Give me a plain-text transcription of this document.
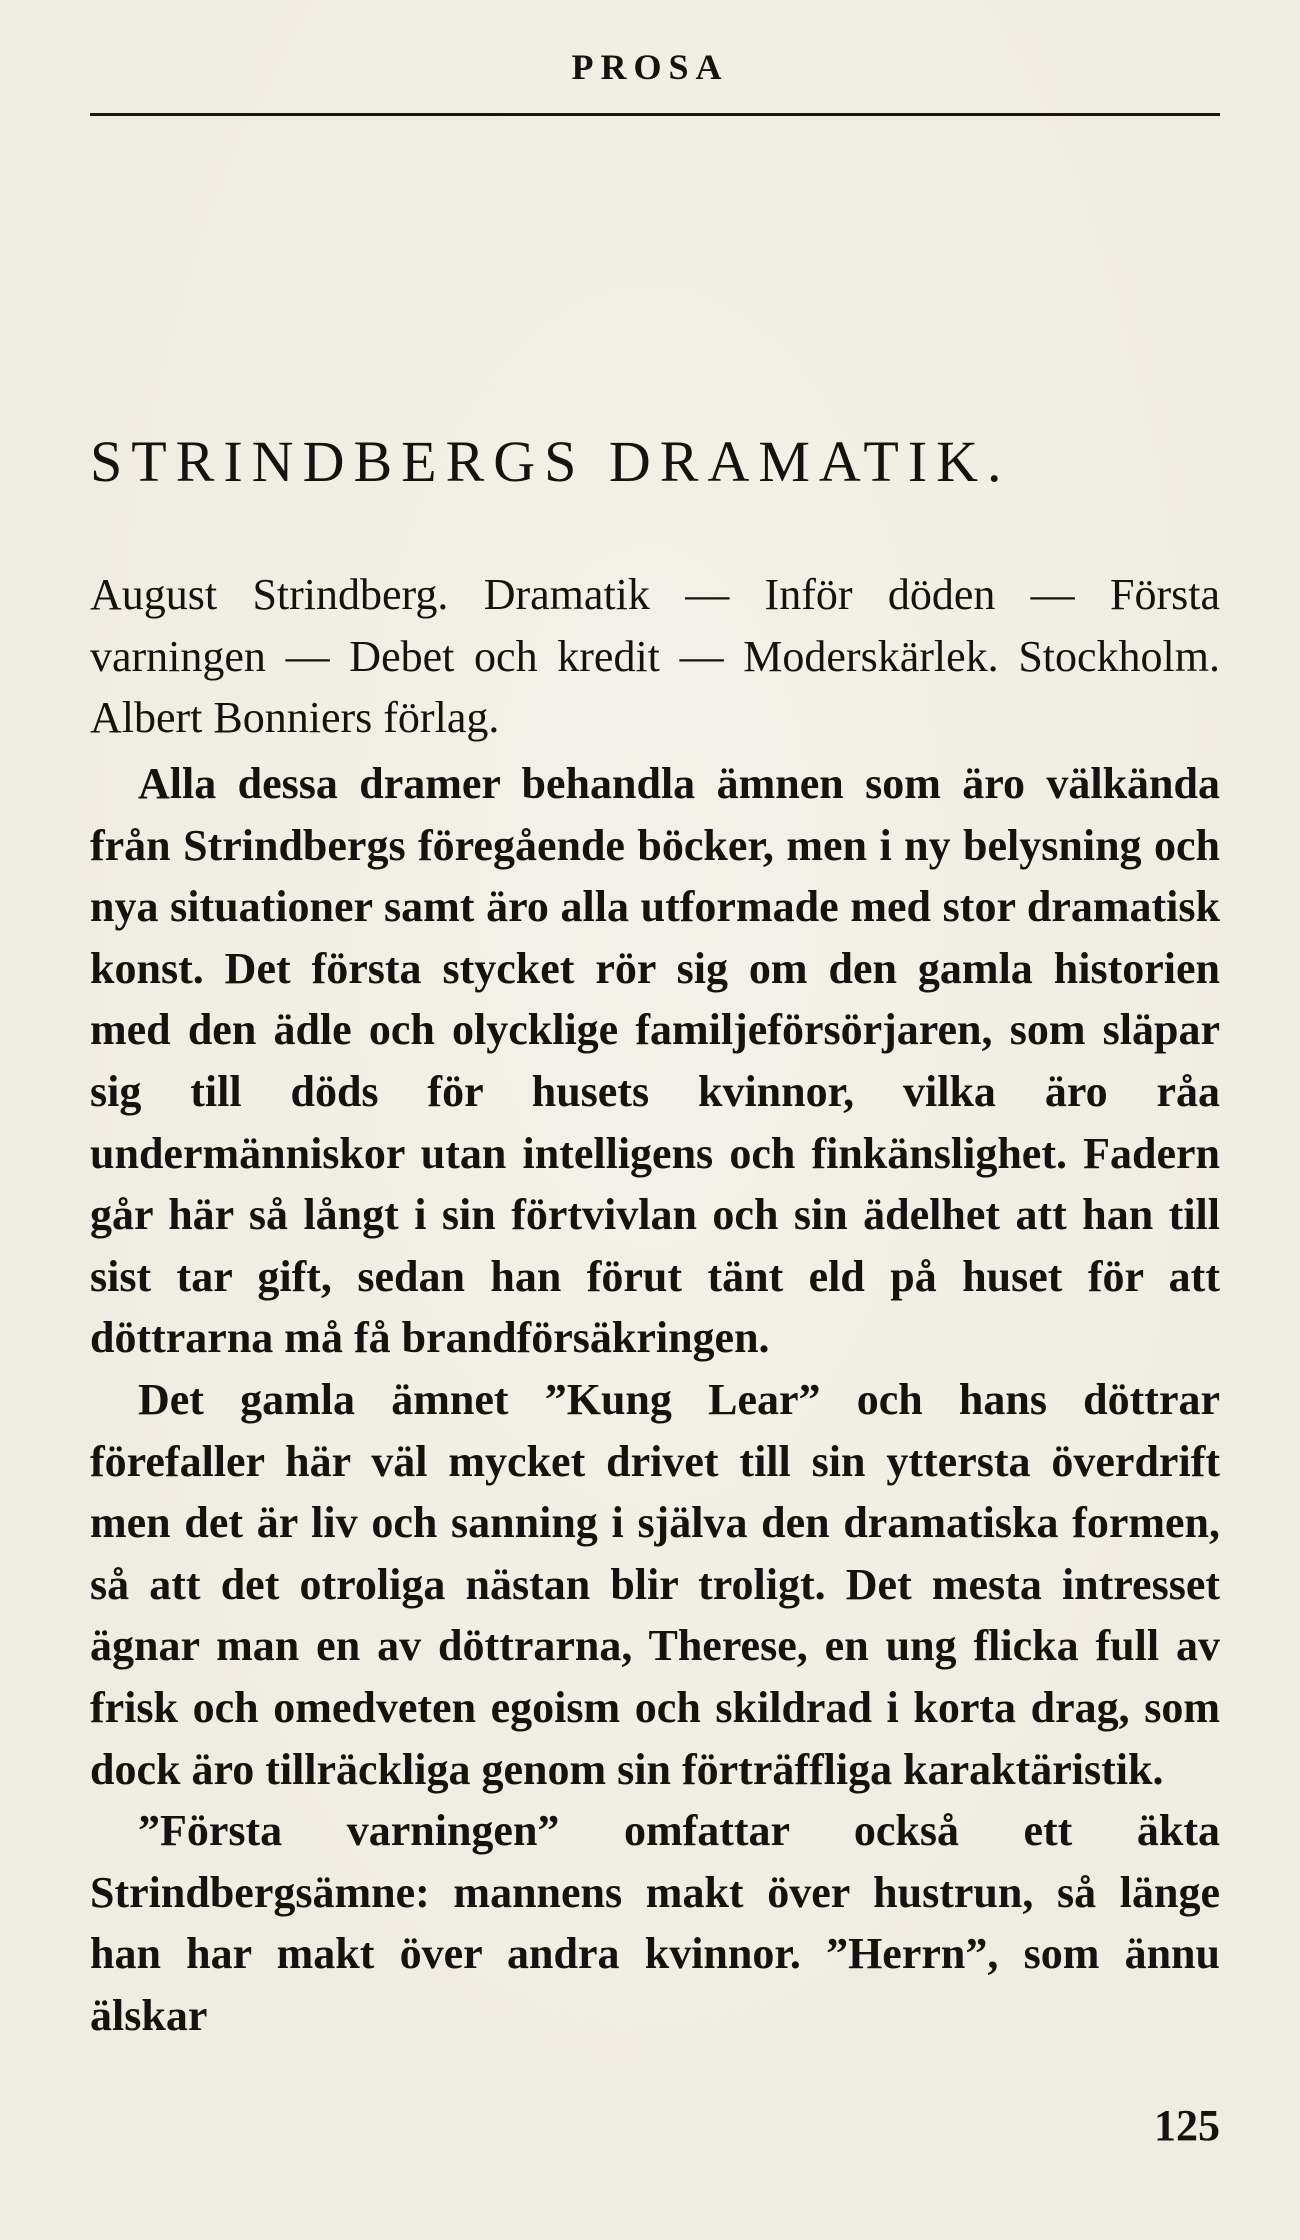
PROSA
STRINDBERGS DRAMATIK.

August Strindberg. Dramatik — Inför döden — Första varningen — Debet och kredit — Moderskärlek. Stockholm. Albert Bonniers förlag.

Alla dessa dramer behandla ämnen som äro välkända från Strindbergs föregående böcker, men i ny belysning och nya situationer samt äro alla utformade med stor dramatisk konst. Det första stycket rör sig om den gamla historien med den ädle och olycklige familjeförsörjaren, som släpar sig till döds för husets kvinnor, vilka äro råa undermänniskor utan intelligens och finkänslighet. Fadern går här så långt i sin förtvivlan och sin ädelhet att han till sist tar gift, sedan han förut tänt eld på huset för att döttrarna må få brandförsäkringen.

Det gamla ämnet ”Kung Lear” och hans döttrar förefaller här väl mycket drivet till sin yttersta överdrift men det är liv och sanning i själva den dramatiska formen, så att det otroliga nästan blir troligt. Det mesta intresset ägnar man en av döttrarna, Therese, en ung flicka full av frisk och omedveten egoism och skildrad i korta drag, som dock äro tillräckliga genom sin förträffliga karaktäristik.

”Första varningen” omfattar också ett äkta Strindbergsämne: mannens makt över hustrun, så länge han har makt över andra kvinnor. ”Herrn”, som ännu älskar

125
